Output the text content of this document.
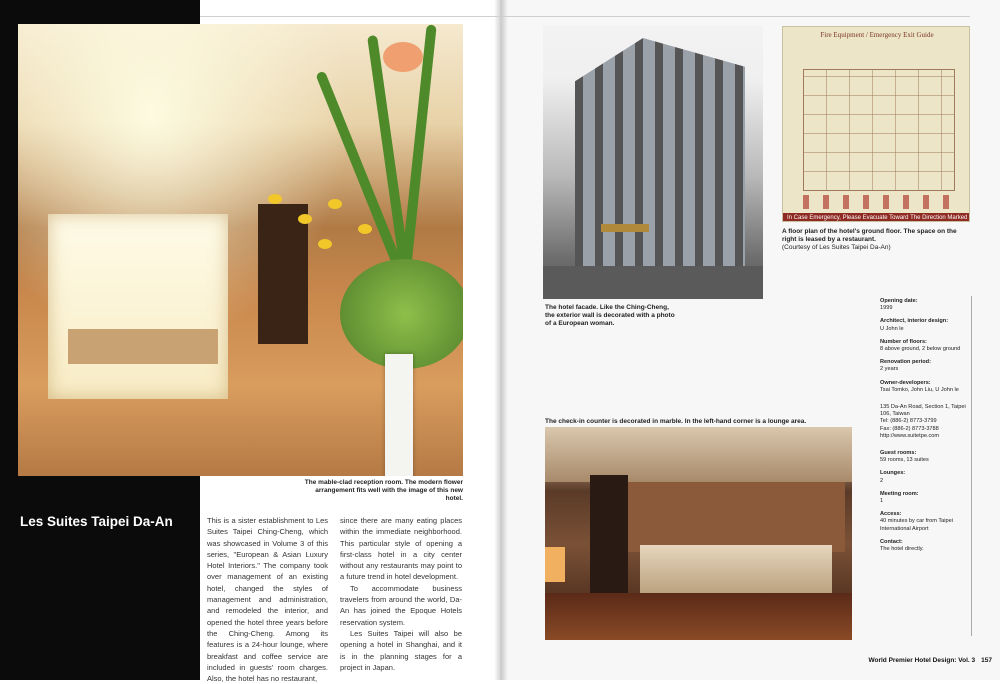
The mable-clad reception room. The modern flower arrangement fits well with the image of this new hotel.
The hotel facade. Like the Ching-Cheng, the exterior wall is decorated with a photo of a European woman.
Fire Equipment / Emergency Exit Guide
In Case Emergency, Please Evacuate Toward The Direction Marked
A floor plan of the hotel's ground floor. The space on the right is leased by a restaurant.
(Courtesy of Les Suites Taipei Da-An)
The check-in counter is decorated in marble. In the left-hand corner is a lounge area.
Les Suites Taipei Da-An	This is a sister establishment to Les Suites Taipei Ching-Cheng, which was showcased in Volume 3 of this series, "European & Asian Luxury Hotel Interiors." The company took over management of an existing hotel, changed the styles of management and administration, and remodeled the interior, and opened the hotel three years before the Ching-Cheng. Among its features is a 24-hour lounge, where breakfast and coffee service are included in guests' room charges. Also, the hotel has no restaurant,

since there are many eating places within the immediate neighborhood. This particular style of opening a first-class hotel in a city center without any restaurants may point to a future trend in hotel development.

To accommodate business travelers from around the world, Da-An has joined the Epoque Hotels reservation system.

Les Suites Taipei will also be opening a hotel in Shanghai, and it is in the planning stages for a project in Japan.

Opening date:
1999
Architect, interior design:
U John le
Number of floors:
8 above ground, 2 below ground
Renovation period:
2 years
Owner-developers:
Tsai Tomko, John Liu, U John le
135 Da-An Road, Section 1, Taipei
106, Taiwan
Tel: (886-2) 8773-3799
Fax: (886-2) 8773-3788
http://www.suitetpe.com
Guest rooms:
59 rooms, 13 suites
Lounges:
2
Meeting room:
1
Access:
40 minutes by car from Taipei International Airport
Contact:
The hotel directly.
World Premier Hotel Design: Vol. 3 157
